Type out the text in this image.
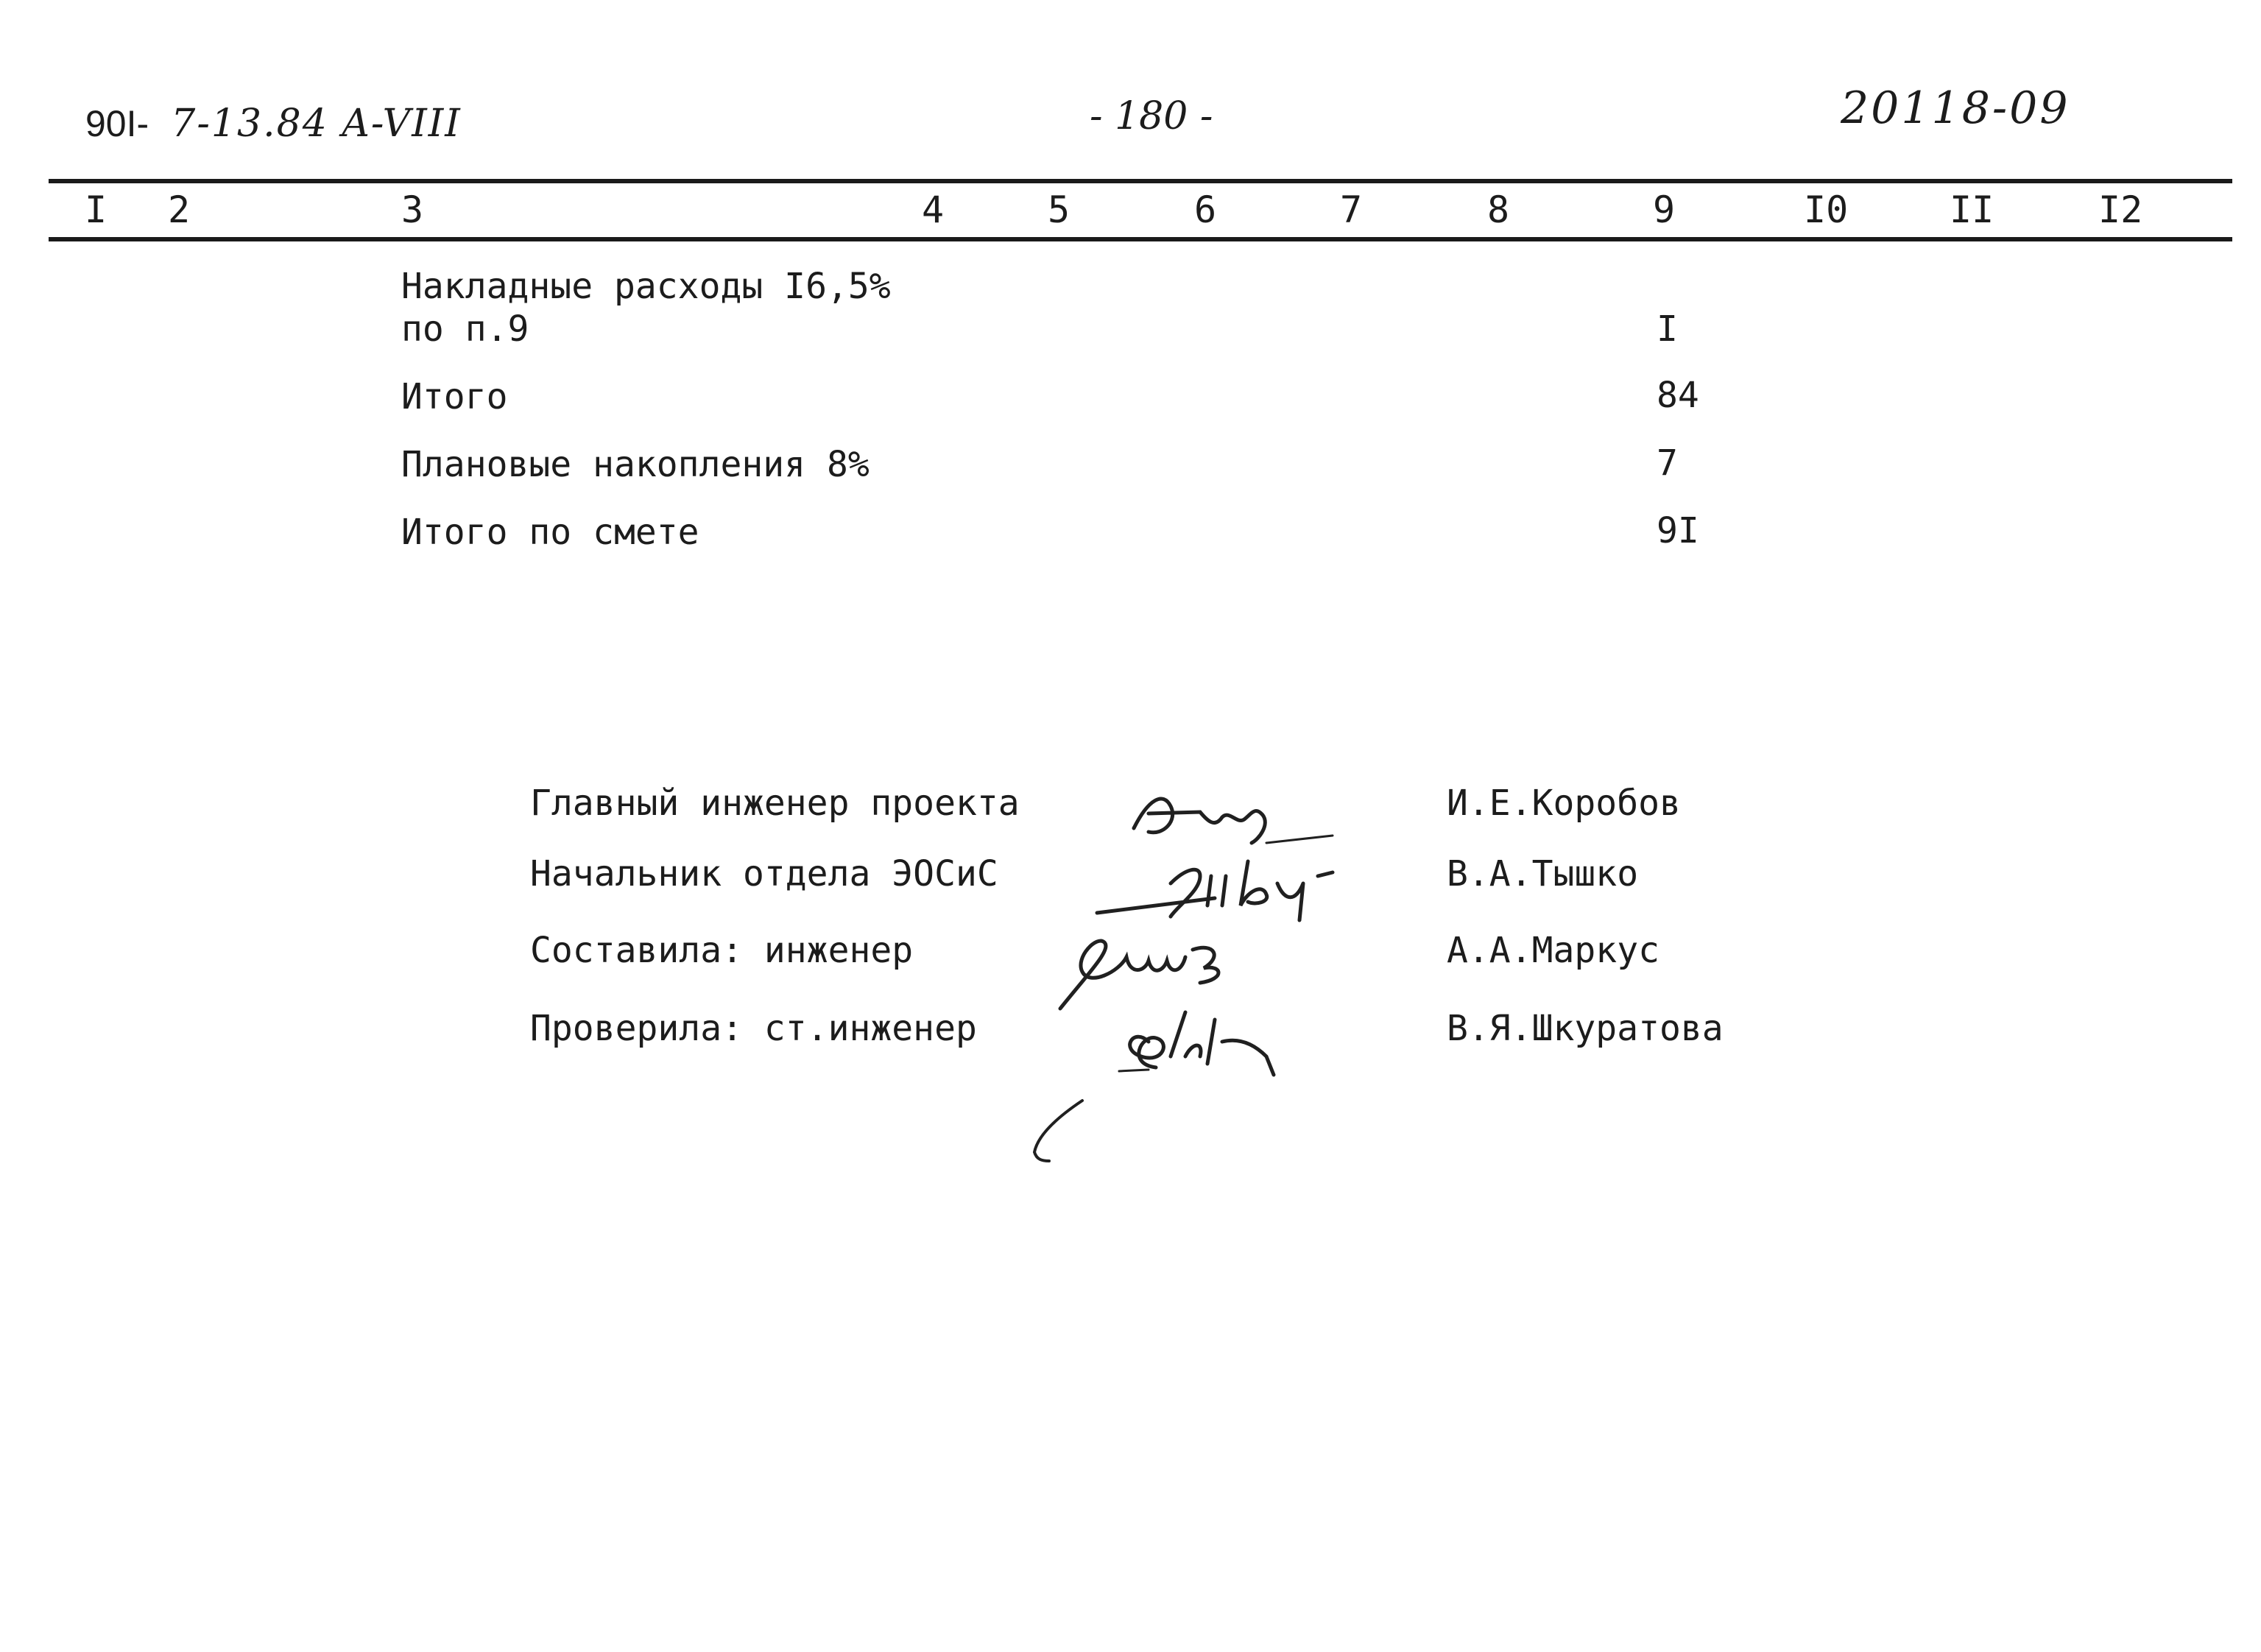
90I- 7-13.84 A-VIII	- 180 -	20118-09
I 2	3	4	5	6	7	8	9	I0	II	I2
Накладные расходы I6,5%
по п.9	I
Итого	84
Плановые накопления 8%	7
Итого по смете	9I
Главный инженер проекта	И.Е.Коробов
Начальник отдела ЭОСиС	В.А.Тышко
Составила: инженер	А.А.Маркус
Проверила: ст.инженер	В.Я.Шкуратова
